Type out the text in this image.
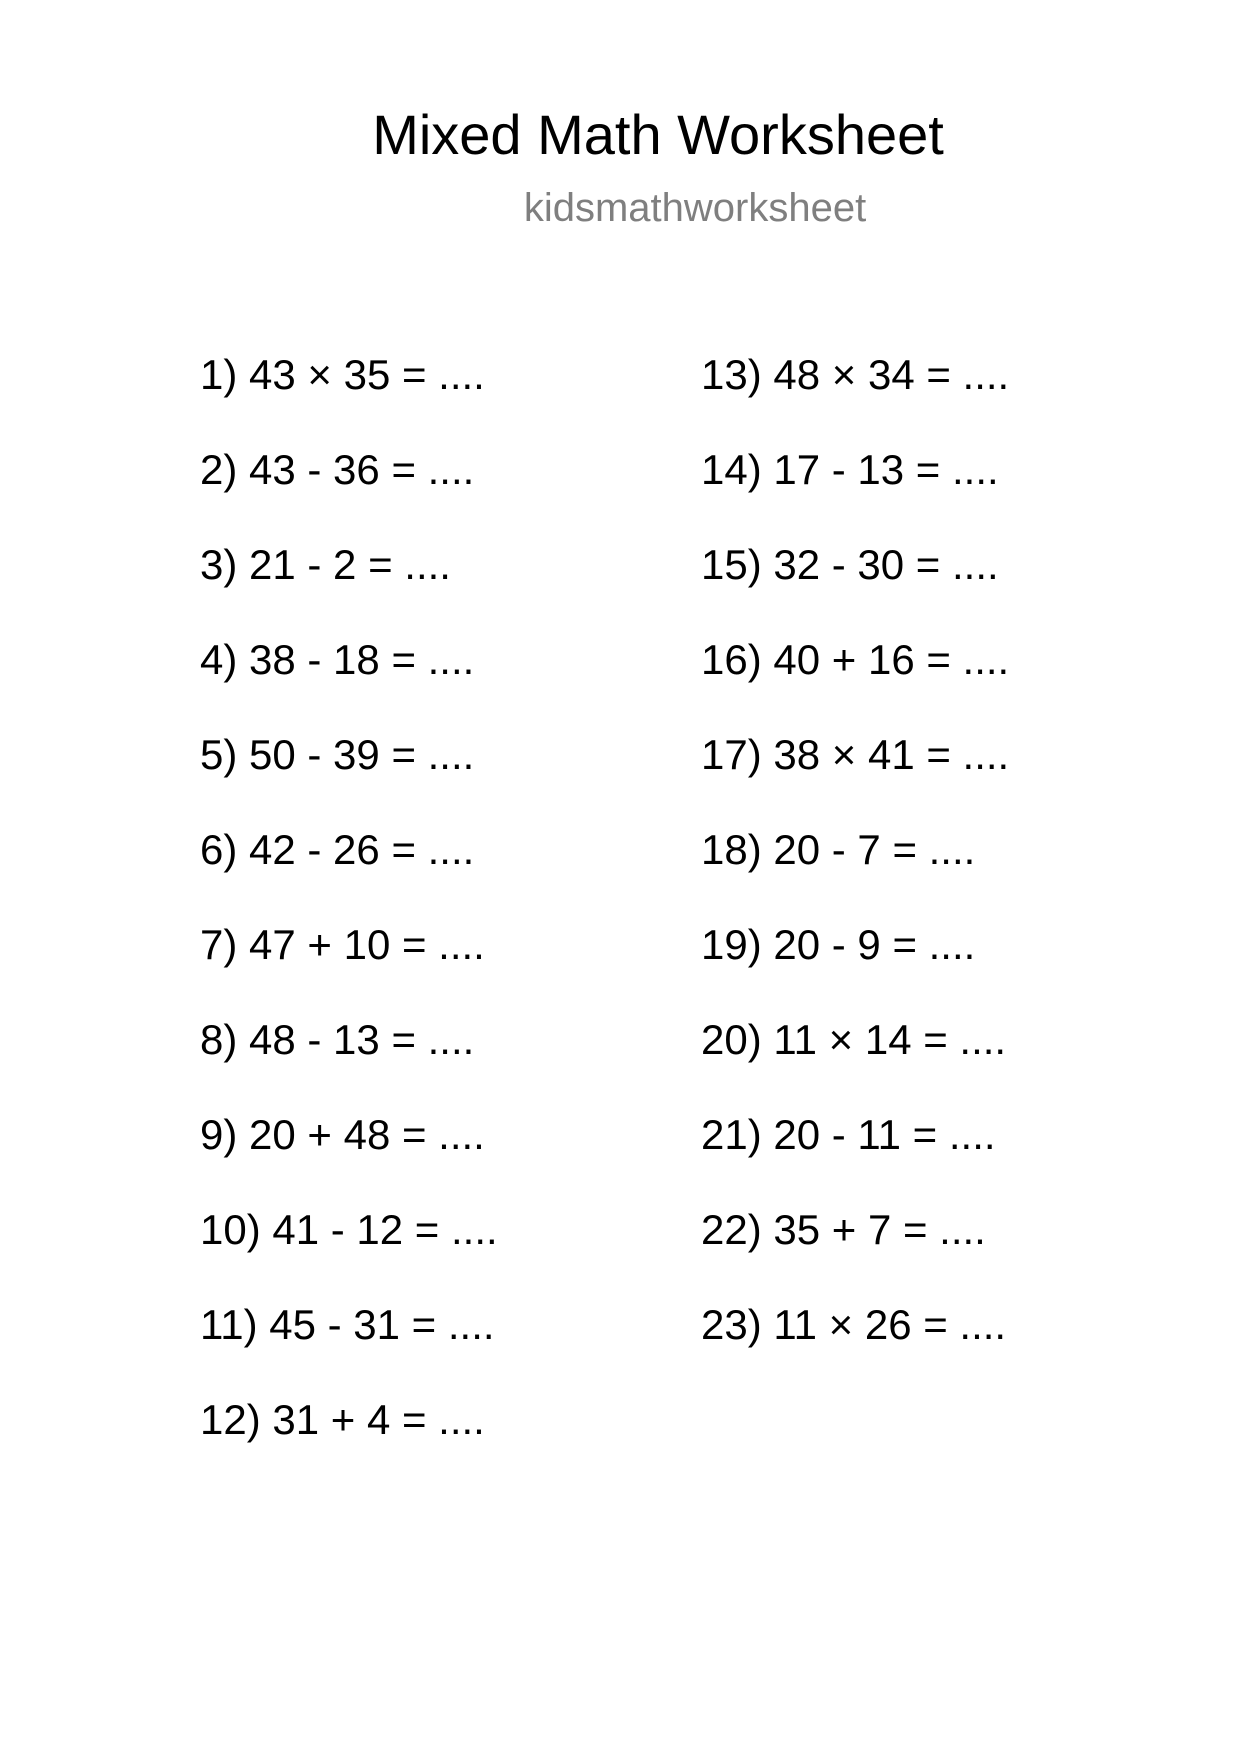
Mixed Math Worksheet
kidsmathworksheet
1) 43 × 35 = ....
2) 43 - 36 = ....
3) 21 - 2 = ....
4) 38 - 18 = ....
5) 50 - 39 = ....
6) 42 - 26 = ....
7) 47 + 10 = ....
8) 48 - 13 = ....
9) 20 + 48 = ....
10) 41 - 12 = ....
11) 45 - 31 = ....
12) 31 + 4 = ....
13) 48 × 34 = ....
14) 17 - 13 = ....
15) 32 - 30 = ....
16) 40 + 16 = ....
17) 38 × 41 = ....
18) 20 - 7 = ....
19) 20 - 9 = ....
20) 11 × 14 = ....
21) 20 - 11 = ....
22) 35 + 7 = ....
23) 11 × 26 = ....
